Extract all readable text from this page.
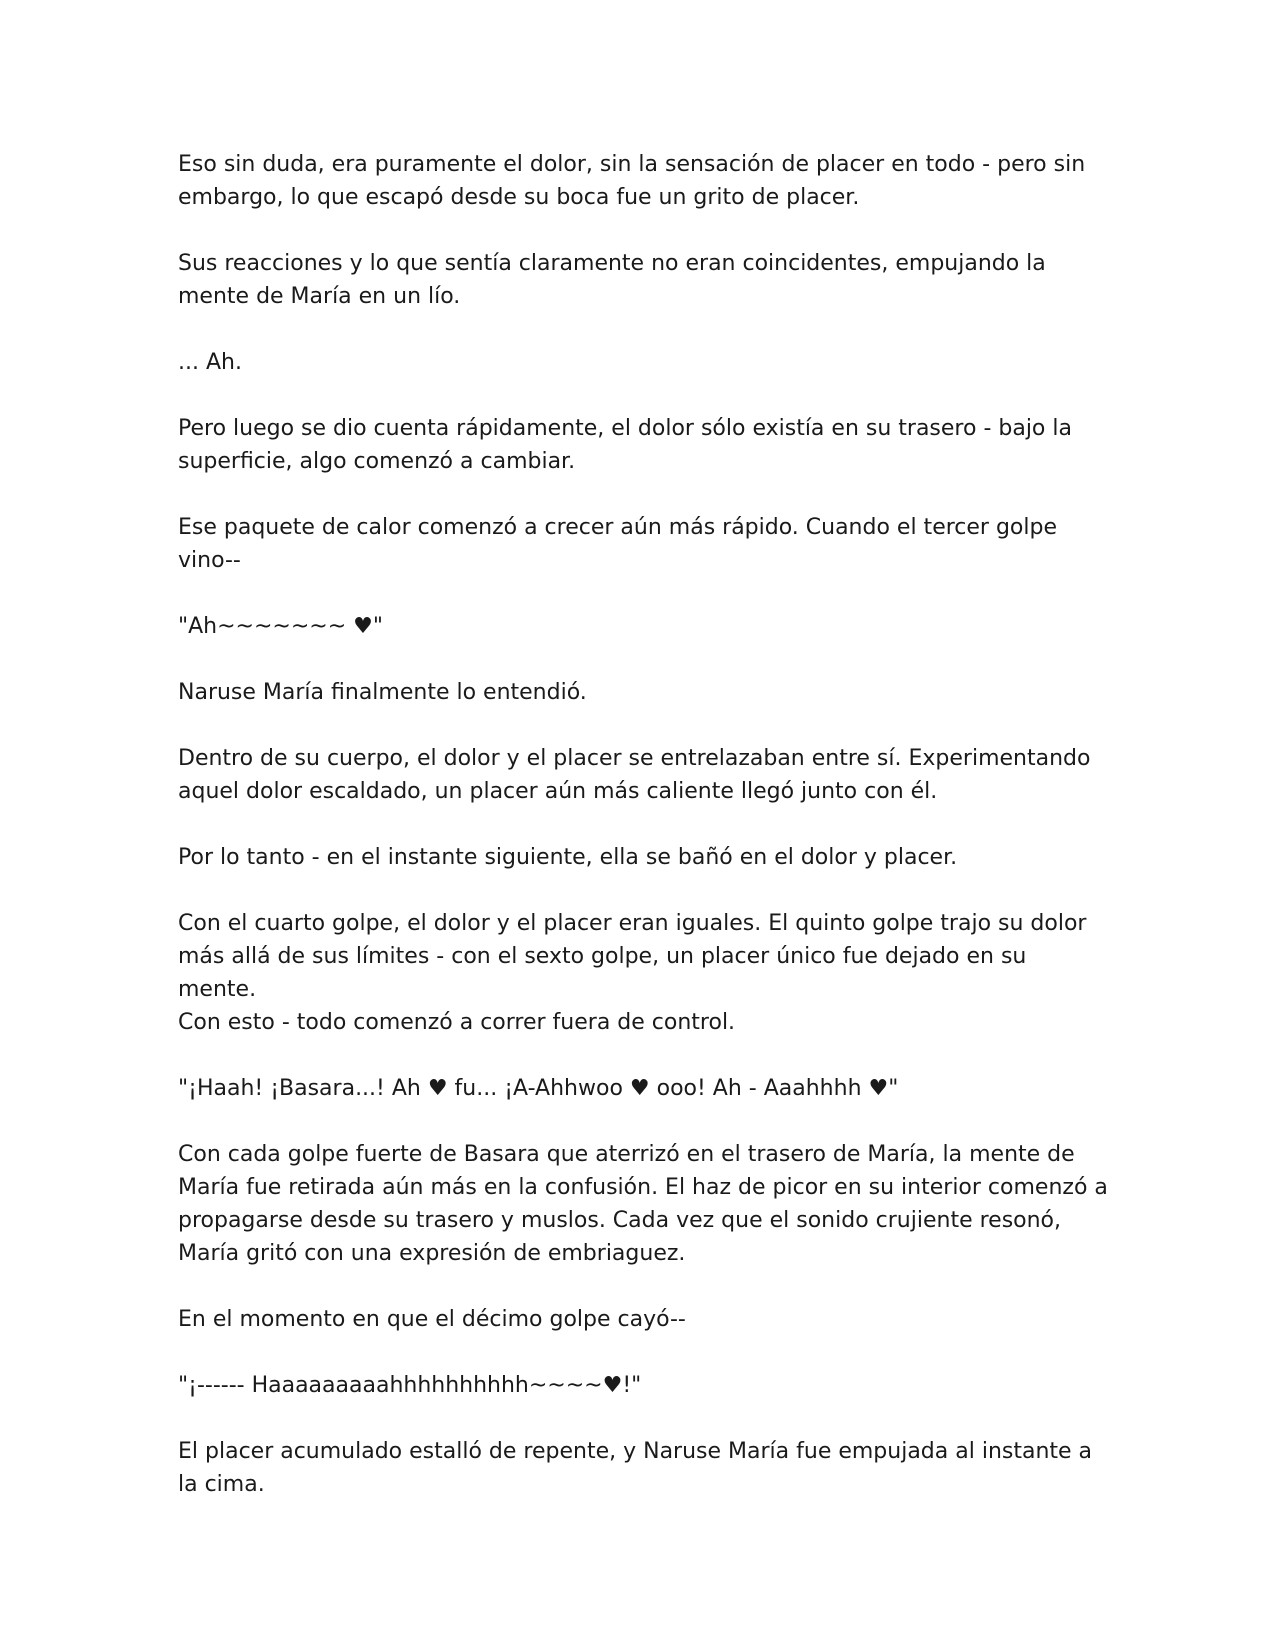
Eso sin duda, era puramente el dolor, sin la sensación de placer en todo - pero sin
embargo, lo que escapó desde su boca fue un grito de placer.

Sus reacciones y lo que sentía claramente no eran coincidentes, empujando la
mente de María en un lío.

... Ah.

Pero luego se dio cuenta rápidamente, el dolor sólo existía en su trasero - bajo la
superficie, algo comenzó a cambiar.

Ese paquete de calor comenzó a crecer aún más rápido. Cuando el tercer golpe
vino--

"Ah~~~~~~~ ♥"

Naruse María finalmente lo entendió.

Dentro de su cuerpo, el dolor y el placer se entrelazaban entre sí. Experimentando
aquel dolor escaldado, un placer aún más caliente llegó junto con él.

Por lo tanto - en el instante siguiente, ella se bañó en el dolor y placer.

Con el cuarto golpe, el dolor y el placer eran iguales. El quinto golpe trajo su dolor
más allá de sus límites - con el sexto golpe, un placer único fue dejado en su mente.
Con esto - todo comenzó a correr fuera de control.

"¡Haah! ¡Basara...! Ah ♥ fu... ¡A-Ahhwoo ♥ ooo! Ah - Aaahhhh ♥"

Con cada golpe fuerte de Basara que aterrizó en el trasero de María, la mente de
María fue retirada aún más en la confusión. El haz de picor en su interior comenzó a
propagarse desde su trasero y muslos. Cada vez que el sonido crujiente resonó,
María gritó con una expresión de embriaguez.

En el momento en que el décimo golpe cayó--

"¡------ Haaaaaaaaahhhhhhhhhh~~~~♥!"

El placer acumulado estalló de repente, y Naruse María fue empujada al instante a
la cima.
